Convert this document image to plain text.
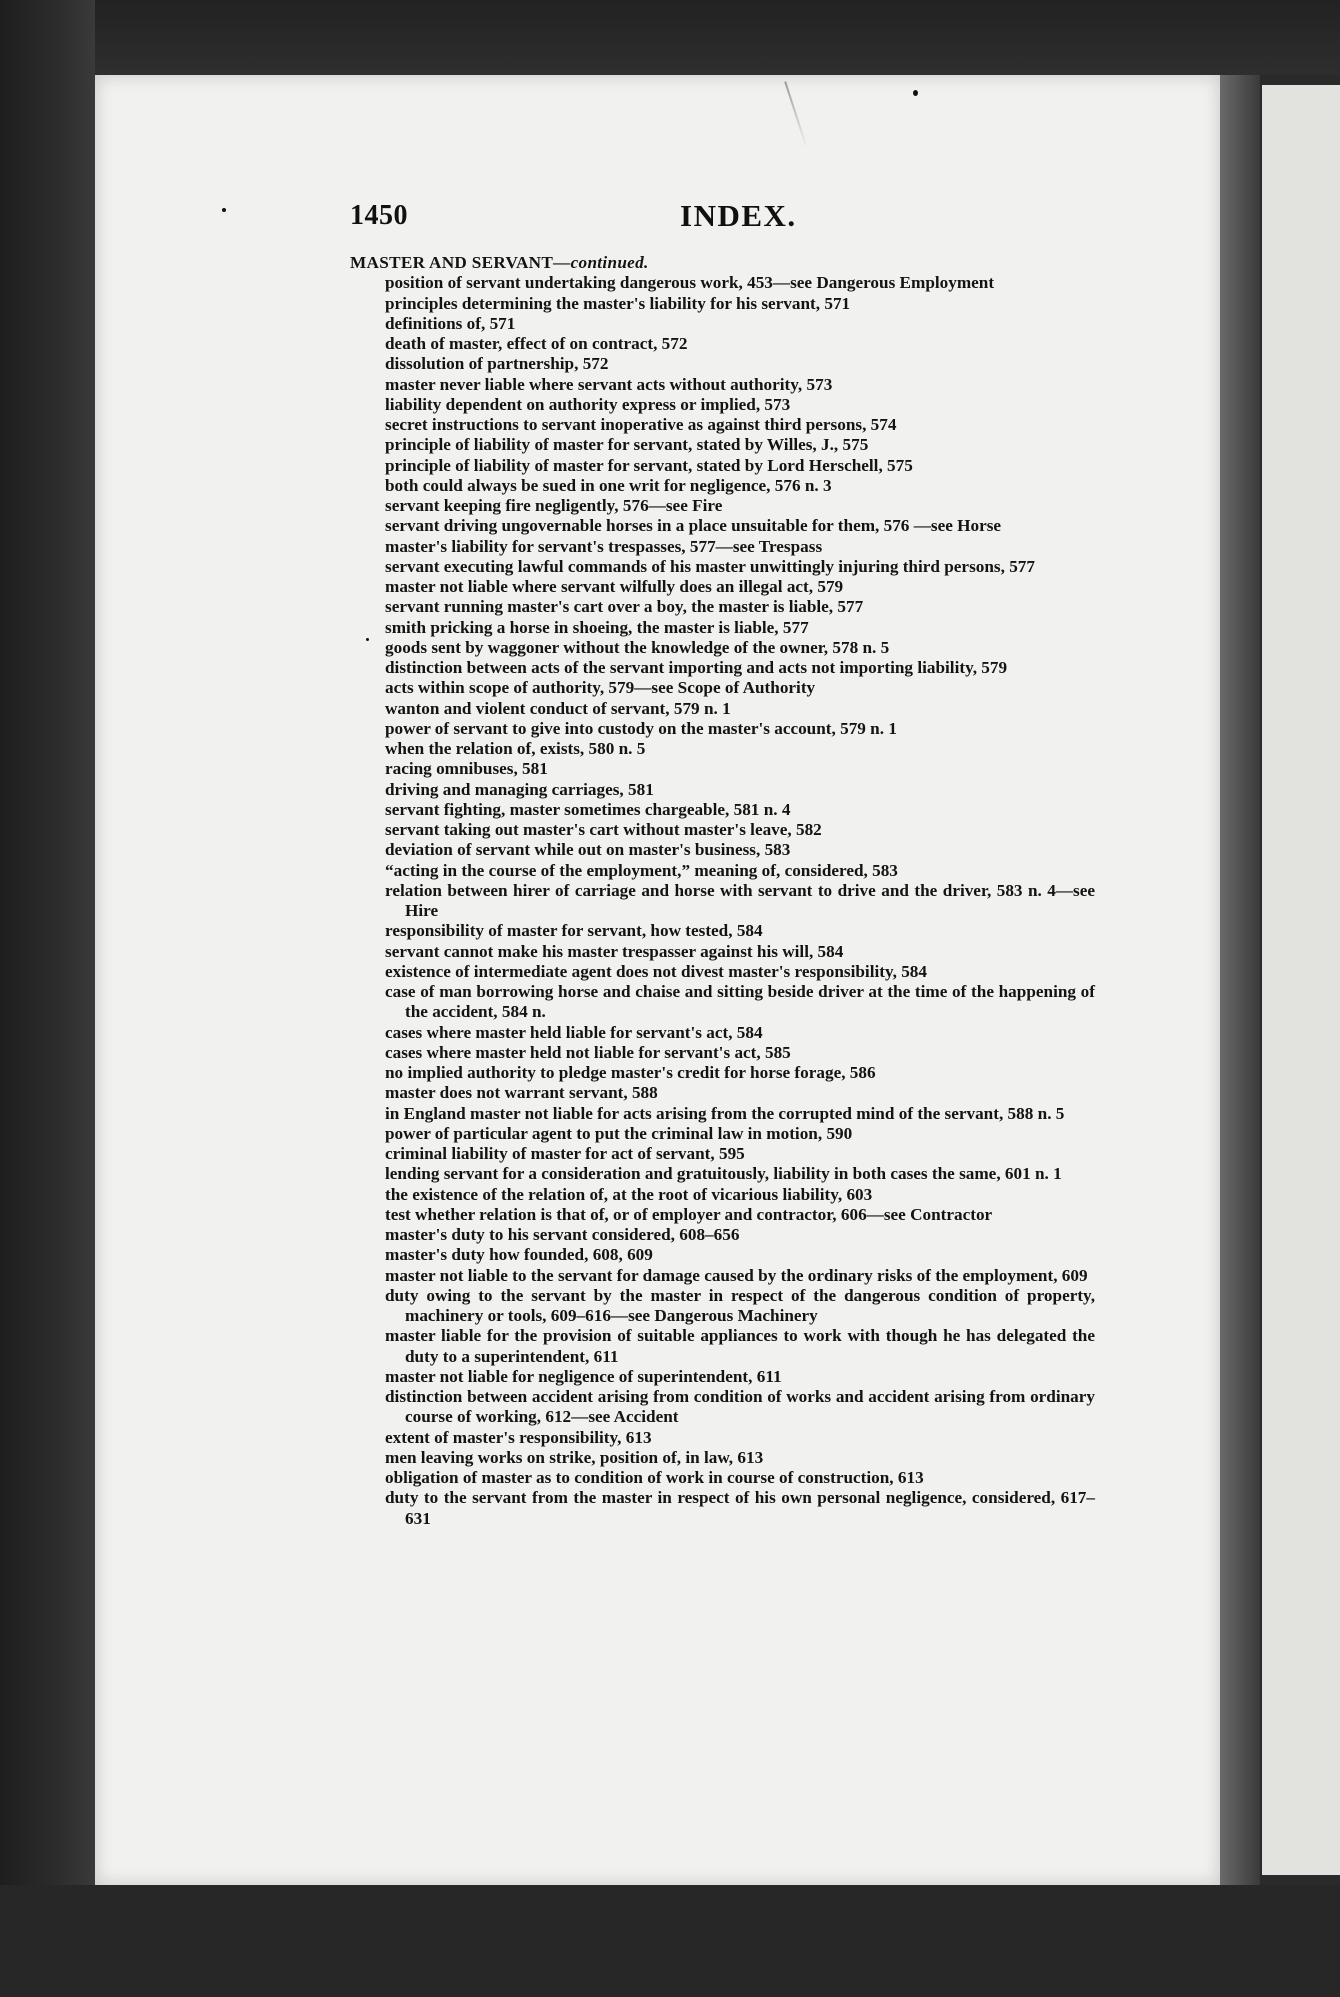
1450	INDEX.
MASTER AND SERVANT—continued.
position of servant undertaking dangerous work, 453—see Dangerous Employment
principles determining the master's liability for his servant, 571
definitions of, 571
death of master, effect of on contract, 572
dissolution of partnership, 572
master never liable where servant acts without authority, 573
liability dependent on authority express or implied, 573
secret instructions to servant inoperative as against third persons, 574
principle of liability of master for servant, stated by Willes, J., 575
principle of liability of master for servant, stated by Lord Herschell, 575
both could always be sued in one writ for negligence, 576 n. 3
servant keeping fire negligently, 576—see Fire
servant driving ungovernable horses in a place unsuitable for them, 576 —see Horse
master's liability for servant's trespasses, 577—see Trespass
servant executing lawful commands of his master unwittingly injuring third persons, 577
master not liable where servant wilfully does an illegal act, 579
servant running master's cart over a boy, the master is liable, 577
smith pricking a horse in shoeing, the master is liable, 577
goods sent by waggoner without the knowledge of the owner, 578 n. 5
distinction between acts of the servant importing and acts not importing liability, 579
acts within scope of authority, 579—see Scope of Authority
wanton and violent conduct of servant, 579 n. 1
power of servant to give into custody on the master's account, 579 n. 1
when the relation of, exists, 580 n. 5
racing omnibuses, 581
driving and managing carriages, 581
servant fighting, master sometimes chargeable, 581 n. 4
servant taking out master's cart without master's leave, 582
deviation of servant while out on master's business, 583
“acting in the course of the employment,” meaning of, considered, 583
relation between hirer of carriage and horse with servant to drive and the driver, 583 n. 4—see Hire
responsibility of master for servant, how tested, 584
servant cannot make his master trespasser against his will, 584
existence of intermediate agent does not divest master's responsibility, 584
case of man borrowing horse and chaise and sitting beside driver at the time of the happening of the accident, 584 n.
cases where master held liable for servant's act, 584
cases where master held not liable for servant's act, 585
no implied authority to pledge master's credit for horse forage, 586
master does not warrant servant, 588
in England master not liable for acts arising from the corrupted mind of the servant, 588 n. 5
power of particular agent to put the criminal law in motion, 590
criminal liability of master for act of servant, 595
lending servant for a consideration and gratuitously, liability in both cases the same, 601 n. 1
the existence of the relation of, at the root of vicarious liability, 603
test whether relation is that of, or of employer and contractor, 606—see Contractor
master's duty to his servant considered, 608–656
master's duty how founded, 608, 609
master not liable to the servant for damage caused by the ordinary risks of the employment, 609
duty owing to the servant by the master in respect of the dangerous condition of property, machinery or tools, 609–616—see Dangerous Machinery
master liable for the provision of suitable appliances to work with though he has delegated the duty to a superintendent, 611
master not liable for negligence of superintendent, 611
distinction between accident arising from condition of works and accident arising from ordinary course of working, 612—see Accident
extent of master's responsibility, 613
men leaving works on strike, position of, in law, 613
obligation of master as to condition of work in course of construction, 613
duty to the servant from the master in respect of his own personal negligence, considered, 617–631
